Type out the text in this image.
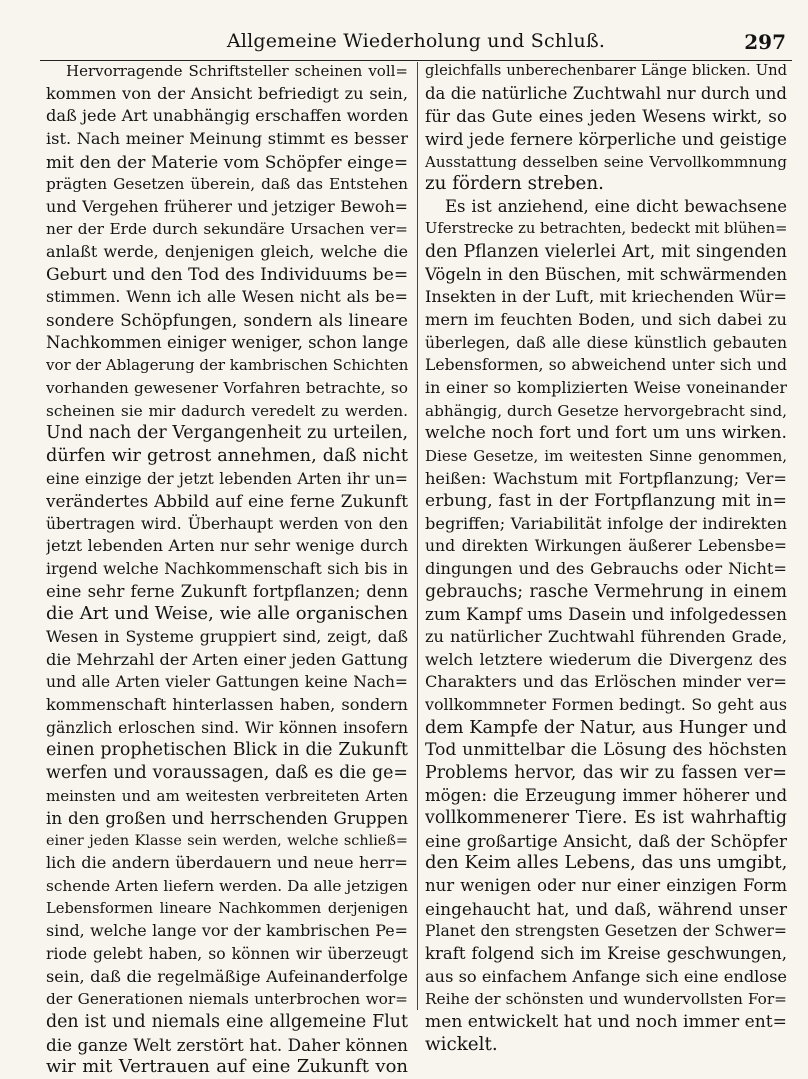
Allgemeine Wiederholung und Schluß.	297
Hervorragende Schriftsteller scheinen voll=
kommen von der Ansicht befriedigt zu sein,
daß jede Art unabhängig erschaffen worden
ist. Nach meiner Meinung stimmt es besser
mit den der Materie vom Schöpfer einge=
prägten Gesetzen überein, daß das Entstehen
und Vergehen früherer und jetziger Bewoh=
ner der Erde durch sekundäre Ursachen ver=
anlaßt werde, denjenigen gleich, welche die
Geburt und den Tod des Individuums be=
stimmen. Wenn ich alle Wesen nicht als be=
sondere Schöpfungen, sondern als lineare
Nachkommen einiger weniger, schon lange
vor der Ablagerung der kambrischen Schichten
vorhanden gewesener Vorfahren betrachte, so
scheinen sie mir dadurch veredelt zu werden.
Und nach der Vergangenheit zu urteilen,
dürfen wir getrost annehmen, daß nicht
eine einzige der jetzt lebenden Arten ihr un=
verändertes Abbild auf eine ferne Zukunft
übertragen wird. Überhaupt werden von den
jetzt lebenden Arten nur sehr wenige durch
irgend welche Nachkommenschaft sich bis in
eine sehr ferne Zukunft fortpflanzen; denn
die Art und Weise, wie alle organischen
Wesen in Systeme gruppiert sind, zeigt, daß
die Mehrzahl der Arten einer jeden Gattung
und alle Arten vieler Gattungen keine Nach=
kommenschaft hinterlassen haben, sondern
gänzlich erloschen sind. Wir können insofern
einen prophetischen Blick in die Zukunft
werfen und voraussagen, daß es die ge=
meinsten und am weitesten verbreiteten Arten
in den großen und herrschenden Gruppen
einer jeden Klasse sein werden, welche schließ=
lich die andern überdauern und neue herr=
schende Arten liefern werden. Da alle jetzigen
Lebensformen lineare Nachkommen derjenigen
sind, welche lange vor der kambrischen Pe=
riode gelebt haben, so können wir überzeugt
sein, daß die regelmäßige Aufeinanderfolge
der Generationen niemals unterbrochen wor=
den ist und niemals eine allgemeine Flut
die ganze Welt zerstört hat. Daher können
wir mit Vertrauen auf eine Zukunft von
gleichfalls unberechenbarer Länge blicken. Und
da die natürliche Zuchtwahl nur durch und
für das Gute eines jeden Wesens wirkt, so
wird jede fernere körperliche und geistige
Ausstattung desselben seine Vervollkommnung
zu fördern streben.
Es ist anziehend, eine dicht bewachsene
Uferstrecke zu betrachten, bedeckt mit blühen=
den Pflanzen vielerlei Art, mit singenden
Vögeln in den Büschen, mit schwärmenden
Insekten in der Luft, mit kriechenden Wür=
mern im feuchten Boden, und sich dabei zu
überlegen, daß alle diese künstlich gebauten
Lebensformen, so abweichend unter sich und
in einer so komplizierten Weise voneinander
abhängig, durch Gesetze hervorgebracht sind,
welche noch fort und fort um uns wirken.
Diese Gesetze, im weitesten Sinne genommen,
heißen: Wachstum mit Fortpflanzung; Ver=
erbung, fast in der Fortpflanzung mit in=
begriffen; Variabilität infolge der indirekten
und direkten Wirkungen äußerer Lebensbe=
dingungen und des Gebrauchs oder Nicht=
gebrauchs; rasche Vermehrung in einem
zum Kampf ums Dasein und infolgedessen
zu natürlicher Zuchtwahl führenden Grade,
welch letztere wiederum die Divergenz des
Charakters und das Erlöschen minder ver=
vollkommneter Formen bedingt. So geht aus
dem Kampfe der Natur, aus Hunger und
Tod unmittelbar die Lösung des höchsten
Problems hervor, das wir zu fassen ver=
mögen: die Erzeugung immer höherer und
vollkommenerer Tiere. Es ist wahrhaftig
eine großartige Ansicht, daß der Schöpfer
den Keim alles Lebens, das uns umgibt,
nur wenigen oder nur einer einzigen Form
eingehaucht hat, und daß, während unser
Planet den strengsten Gesetzen der Schwer=
kraft folgend sich im Kreise geschwungen,
aus so einfachem Anfange sich eine endlose
Reihe der schönsten und wundervollsten For=
men entwickelt hat und noch immer ent=
wickelt.
